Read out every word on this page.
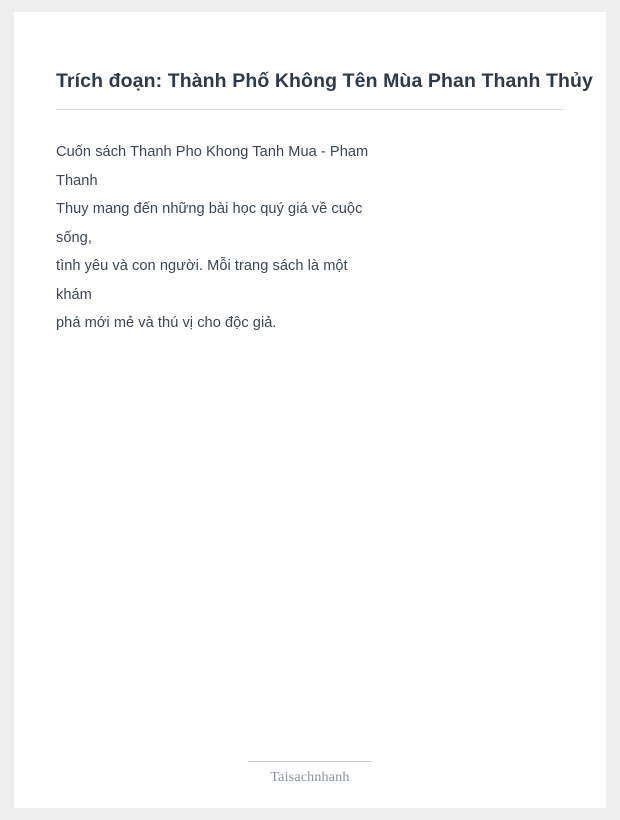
Trích đoạn: Thành Phố Không Tên Mùa Phan Thanh Thủy
Cuốn sách Thanh Pho Khong Tanh Mua - Pham
Thanh
Thuy mang đến những bài học quý giá về cuộc
sống,
tình yêu và con người. Mỗi trang sách là một
khám
phá mới mẻ và thú vị cho độc giả.
Taisachnhanh
